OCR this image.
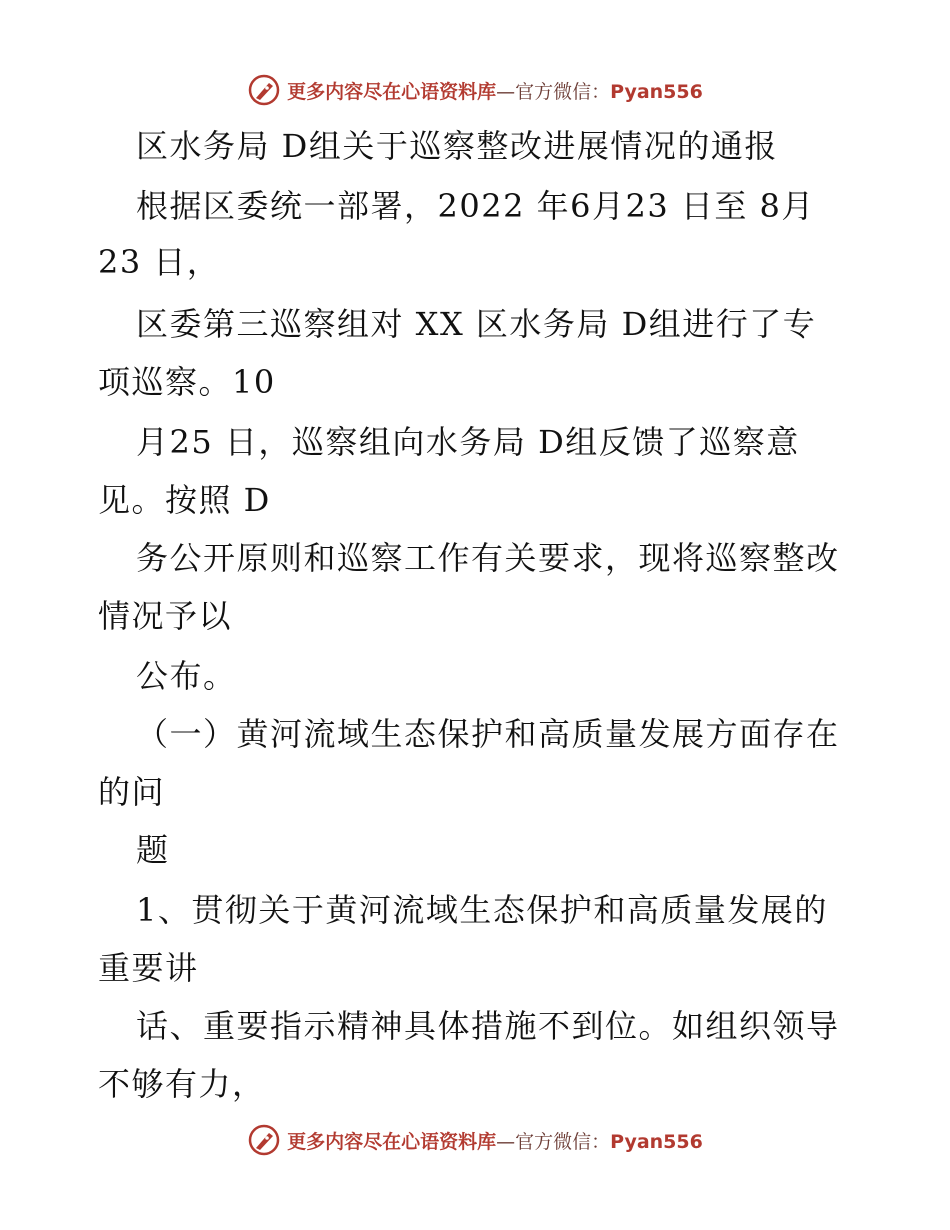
更多内容尽在心语资料库—官方微信：Pyan556
区水务局 D组关于巡察整改进展情况的通报
根据区委统一部署，2022 年6月23 日至 8月
23 日，
区委第三巡察组对 XX 区水务局 D组进行了专
项巡察。10
月25 日，巡察组向水务局 D组反馈了巡察意
见。按照 D
务公开原则和巡察工作有关要求，现将巡察整改
情况予以
公布。
（一）黄河流域生态保护和高质量发展方面存在
的问
题
1、贯彻关于黄河流域生态保护和高质量发展的
重要讲
话、重要指示精神具体措施不到位。如组织领导
不够有力，
更多内容尽在心语资料库—官方微信：Pyan556
